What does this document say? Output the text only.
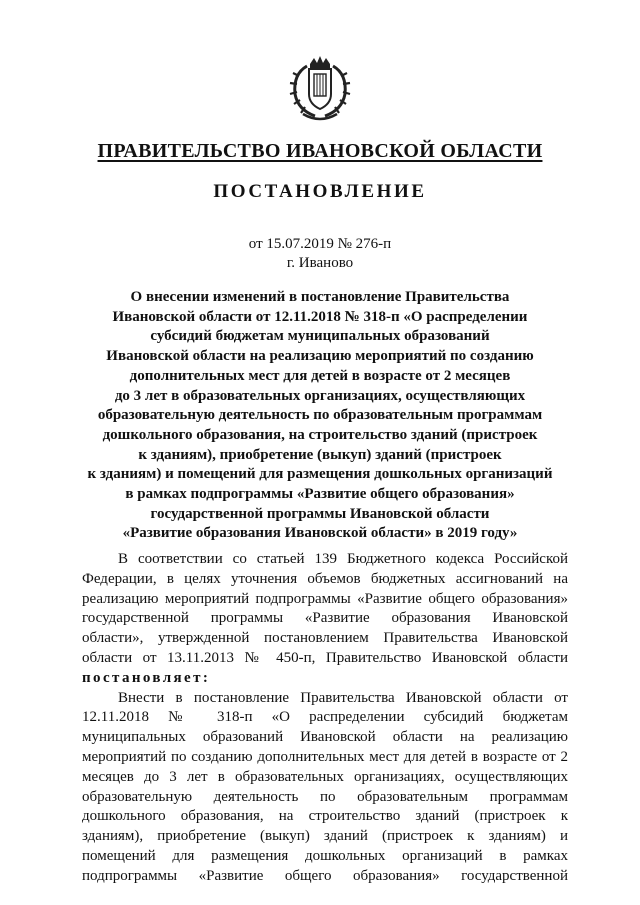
ПРАВИТЕЛЬСТВО ИВАНОВСКОЙ ОБЛАСТИ
ПОСТАНОВЛЕНИЕ
от 15.07.2019 № 276-п
г. Иваново
О внесении изменений в постановление Правительства
Ивановской области от 12.11.2018 № 318-п «О распределении
субсидий бюджетам муниципальных образований
Ивановской области на реализацию мероприятий по созданию
дополнительных мест для детей в возрасте от 2 месяцев
до 3 лет в образовательных организациях, осуществляющих
образовательную деятельность по образовательным программам
дошкольного образования, на строительство зданий (пристроек
к зданиям), приобретение (выкуп) зданий (пристроек
к зданиям) и помещений для размещения дошкольных организаций
в рамках подпрограммы «Развитие общего образования»
государственной программы Ивановской области
«Развитие образования Ивановской области» в 2019 году»
В соответствии со статьей 139 Бюджетного кодекса Российской
Федерации, в целях уточнения объемов бюджетных ассигнований на
реализацию мероприятий подпрограммы «Развитие общего образования»
государственной программы «Развитие образования Ивановской
области», утвержденной постановлением Правительства Ивановской
области от 13.11.2013 № 450-п, Правительство Ивановской области
постановляет:
Внести в постановление Правительства Ивановской области от
12.11.2018 № 318-п «О распределении субсидий бюджетам
муниципальных образований Ивановской области на реализацию
мероприятий по созданию дополнительных мест для детей в возрасте от 2
месяцев до 3 лет в образовательных организациях, осуществляющих
образовательную деятельность по образовательным программам
дошкольного образования, на строительство зданий (пристроек к
зданиям), приобретение (выкуп) зданий (пристроек к зданиям) и
помещений для размещения дошкольных организаций в рамках
подпрограммы «Развитие общего образования» государственной
